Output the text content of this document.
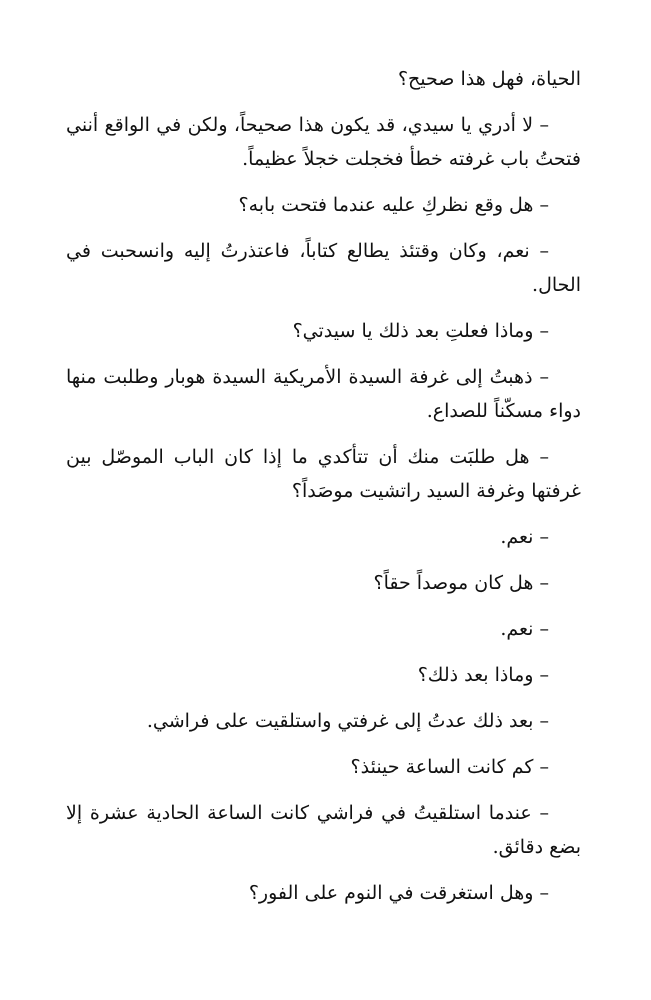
الحياة، فهل هذا صحيح؟

– لا أدري يا سيدي، قد يكون هذا صحيحاً، ولكن في الواقع أنني فتحتُ باب غرفته خطأ فخجلت خجلاً عظيماً.

– هل وقع نظركِ عليه عندما فتحت بابه؟

– نعم، وكان وقتئذ يطالع كتاباً، فاعتذرتُ إليه وانسحبت في الحال.

– وماذا فعلتِ بعد ذلك يا سيدتي؟

– ذهبتُ إلى غرفة السيدة الأمريكية السيدة هوبار وطلبت منها دواء مسكّناً للصداع.

– هل طلبَت منك أن تتأكدي ما إذا كان الباب الموصّل بين غرفتها وغرفة السيد راتشيت موصَداً؟

– نعم.

– هل كان موصداً حقاً؟

– نعم.

– وماذا بعد ذلك؟

– بعد ذلك عدتُ إلى غرفتي واستلقيت على فراشي.

– كم كانت الساعة حينئذ؟

– عندما استلقيتُ في فراشي كانت الساعة الحادية عشرة إلا بضع دقائق.

– وهل استغرقت في النوم على الفور؟
